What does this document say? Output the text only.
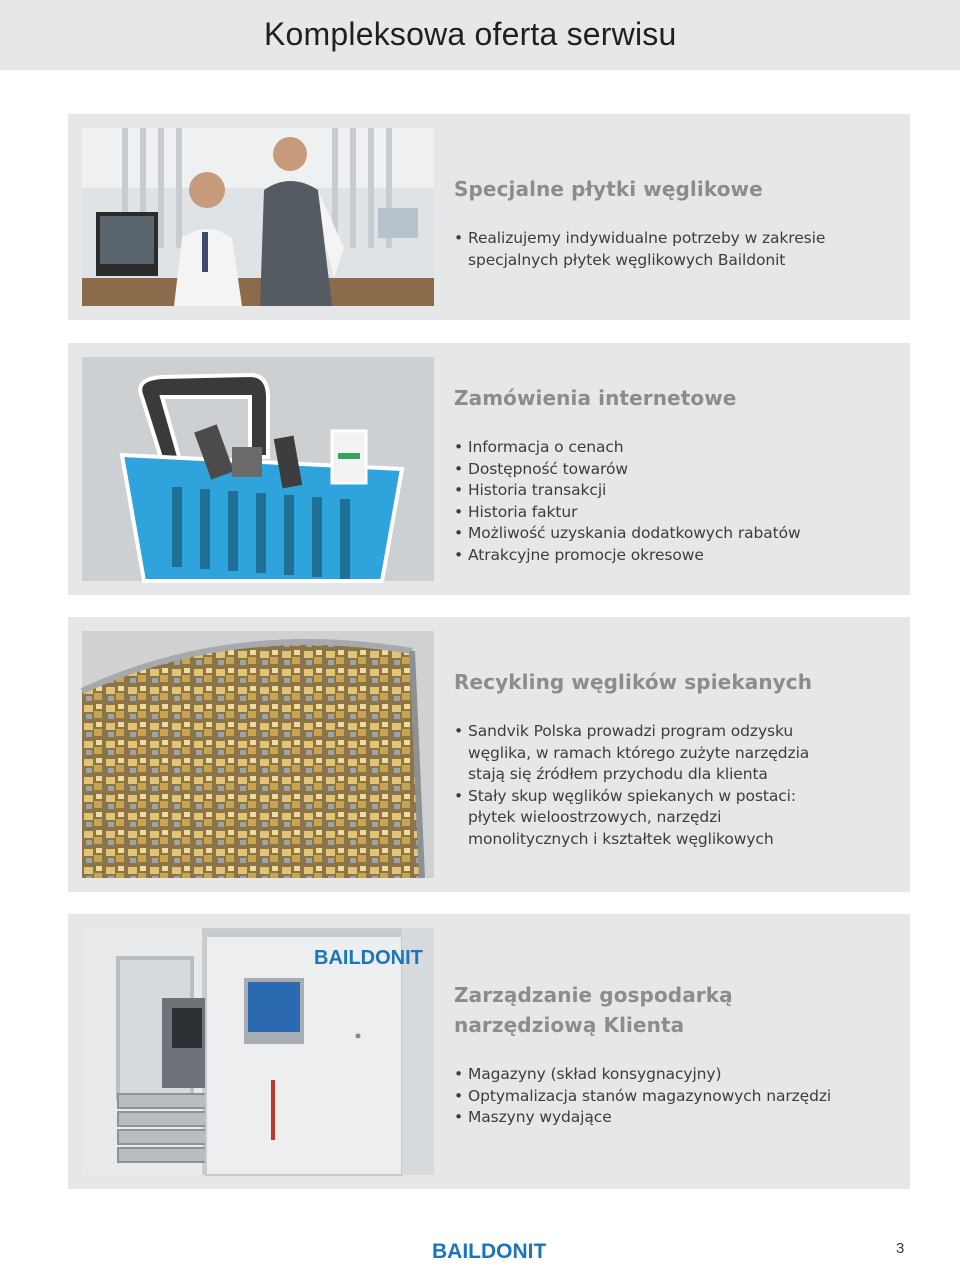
Kompleksowa oferta serwisu
Specjalne płytki węglikowe
• Realizujemy indywidualne potrzeby w zakresie specjalnych płytek węglikowych Baildonit
Zamówienia internetowe
• Informacja o cenach
• Dostępność towarów
• Historia transakcji
• Historia faktur
• Możliwość uzyskania dodatkowych rabatów
• Atrakcyjne promocje okresowe
Recykling węglików spiekanych
• Sandvik Polska prowadzi program odzysku węglika, w ramach którego zużyte narzędzia stają się źródłem przychodu dla klienta
• Stały skup węglików spiekanych w postaci: płytek wieloostrzowych, narzędzi monolitycznych i kształtek węglikowych
BAILDONIT
Zarządzanie gospodarką narzędziową Klienta
• Magazyny (skład konsygnacyjny)
• Optymalizacja stanów magazynowych narzędzi
• Maszyny wydające
BAILDONIT	3
